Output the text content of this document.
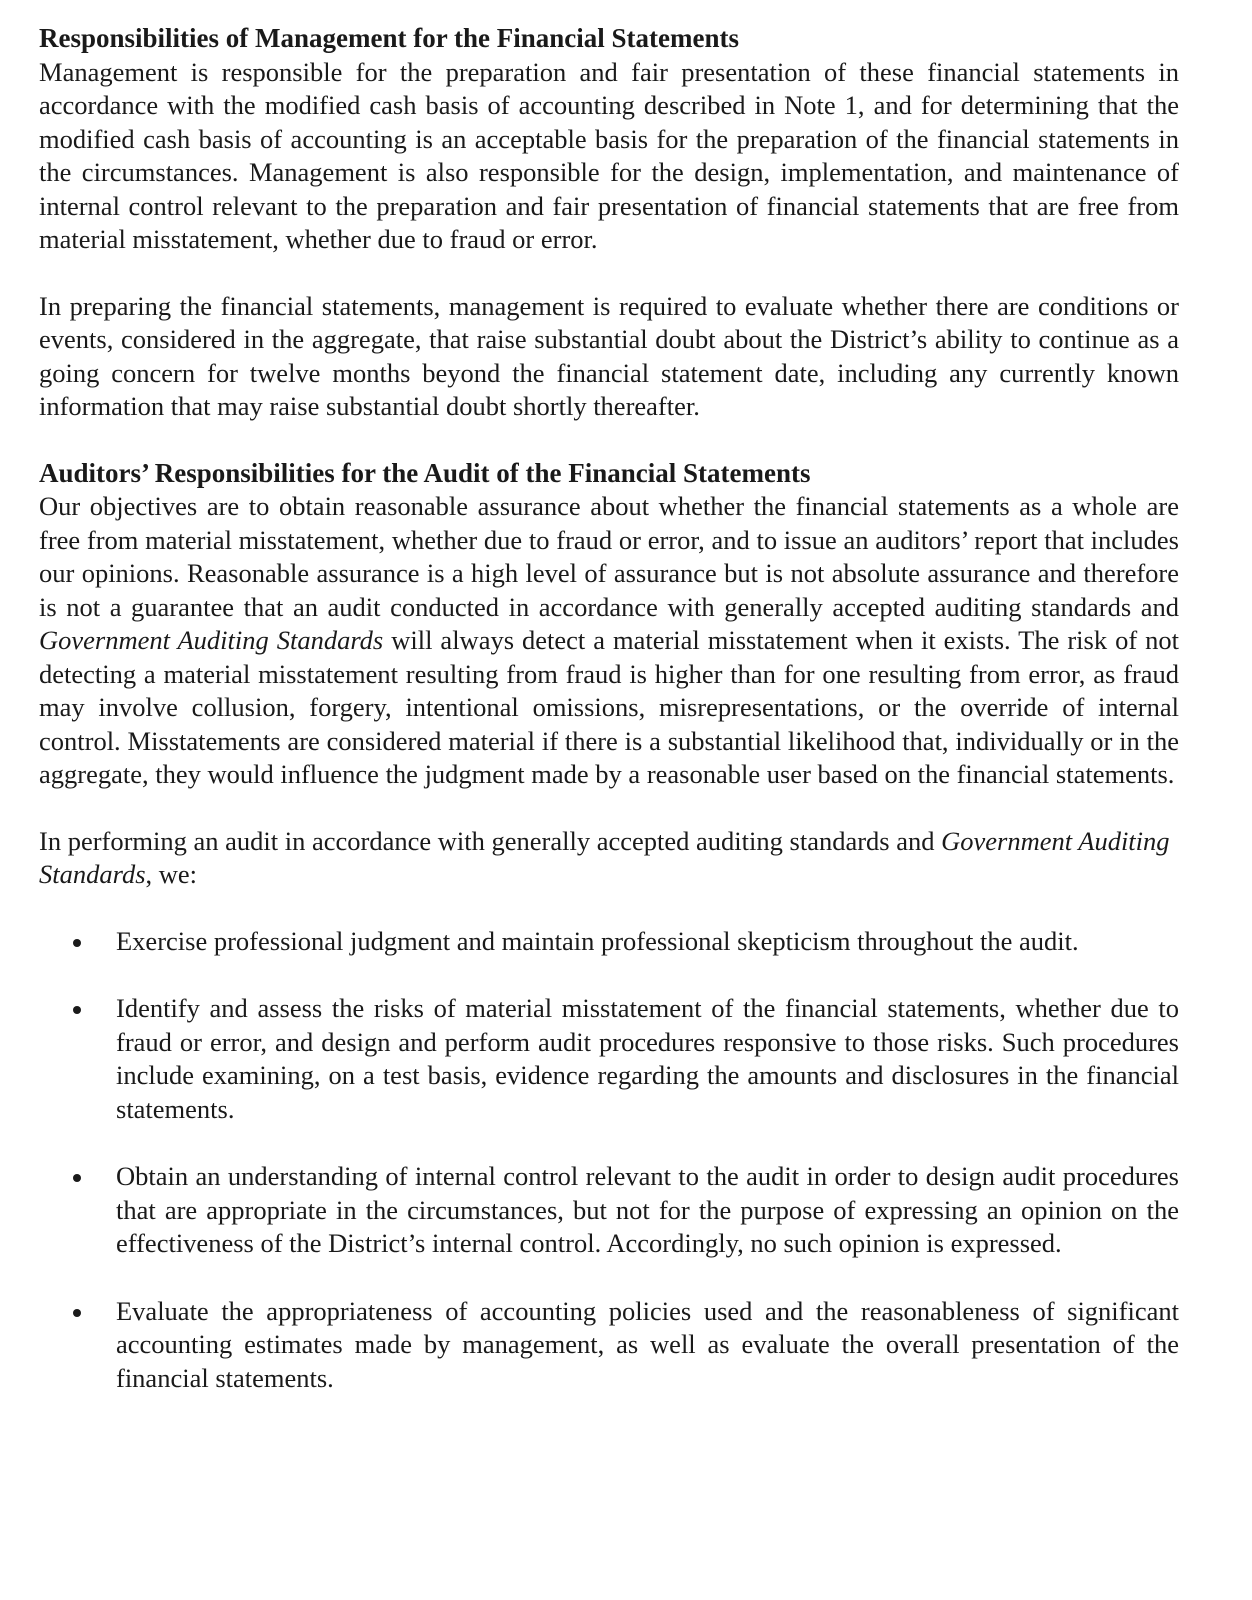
Responsibilities of Management for the Financial Statements

Management is responsible for the preparation and fair presentation of these financial statements in accordance with the modified cash basis of accounting described in Note 1, and for determining that the modified cash basis of accounting is an acceptable basis for the preparation of the financial statements in the circumstances. Management is also responsible for the design, implementation, and maintenance of internal control relevant to the preparation and fair presentation of financial statements that are free from material misstatement, whether due to fraud or error.

In preparing the financial statements, management is required to evaluate whether there are conditions or events, considered in the aggregate, that raise substantial doubt about the District’s ability to continue as a going concern for twelve months beyond the financial statement date, including any currently known information that may raise substantial doubt shortly thereafter.

Auditors’ Responsibilities for the Audit of the Financial Statements

Our objectives are to obtain reasonable assurance about whether the financial statements as a whole are free from material misstatement, whether due to fraud or error, and to issue an auditors’ report that includes our opinions. Reasonable assurance is a high level of assurance but is not absolute assurance and therefore is not a guarantee that an audit conducted in accordance with generally accepted auditing standards and Government Auditing Standards will always detect a material misstatement when it exists. The risk of not detecting a material misstatement resulting from fraud is higher than for one resulting from error, as fraud may involve collusion, forgery, intentional omissions, misrepresentations, or the override of internal control. Misstatements are considered material if there is a substantial likelihood that, individually or in the aggregate, they would influence the judgment made by a reasonable user based on the financial statements.

In performing an audit in accordance with generally accepted auditing standards and Government Auditing Standards, we:

Exercise professional judgment and maintain professional skepticism throughout the audit.
Identify and assess the risks of material misstatement of the financial statements, whether due to fraud or error, and design and perform audit procedures responsive to those risks. Such procedures include examining, on a test basis, evidence regarding the amounts and disclosures in the financial statements.
Obtain an understanding of internal control relevant to the audit in order to design audit procedures that are appropriate in the circumstances, but not for the purpose of expressing an opinion on the effectiveness of the District’s internal control. Accordingly, no such opinion is expressed.
Evaluate the appropriateness of accounting policies used and the reasonableness of significant accounting estimates made by management, as well as evaluate the overall presentation of the financial statements.
